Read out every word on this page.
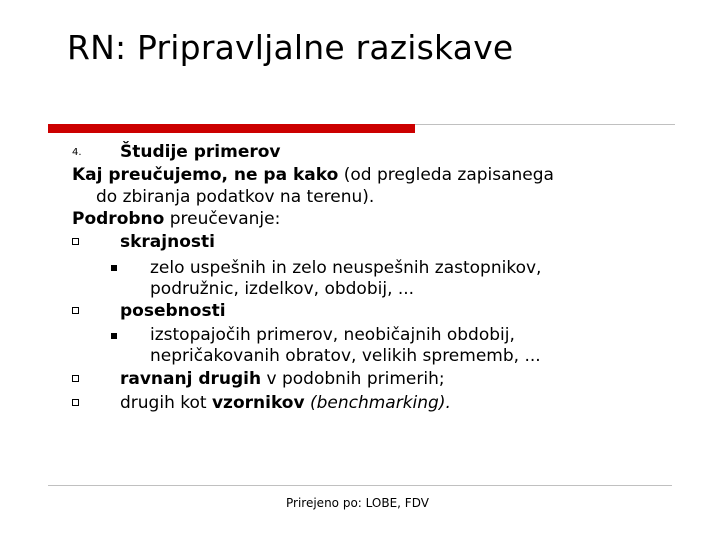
RN: Pripravljalne raziskave
4. Študije primerov
Kaj preučujemo, ne pa kako (od pregleda zapisanega
do zbiranja podatkov na terenu).
Podrobno preučevanje:
skrajnosti
zelo uspešnih in zelo neuspešnih zastopnikov,
podružnic, izdelkov, obdobij, ...
posebnosti
izstopajočih primerov, neobičajnih obdobij,
nepričakovanih obratov, velikih sprememb, ...
ravnanj drugih v podobnih primerih;
drugih kot vzornikov (benchmarking).
Prirejeno po: LOBE, FDV
